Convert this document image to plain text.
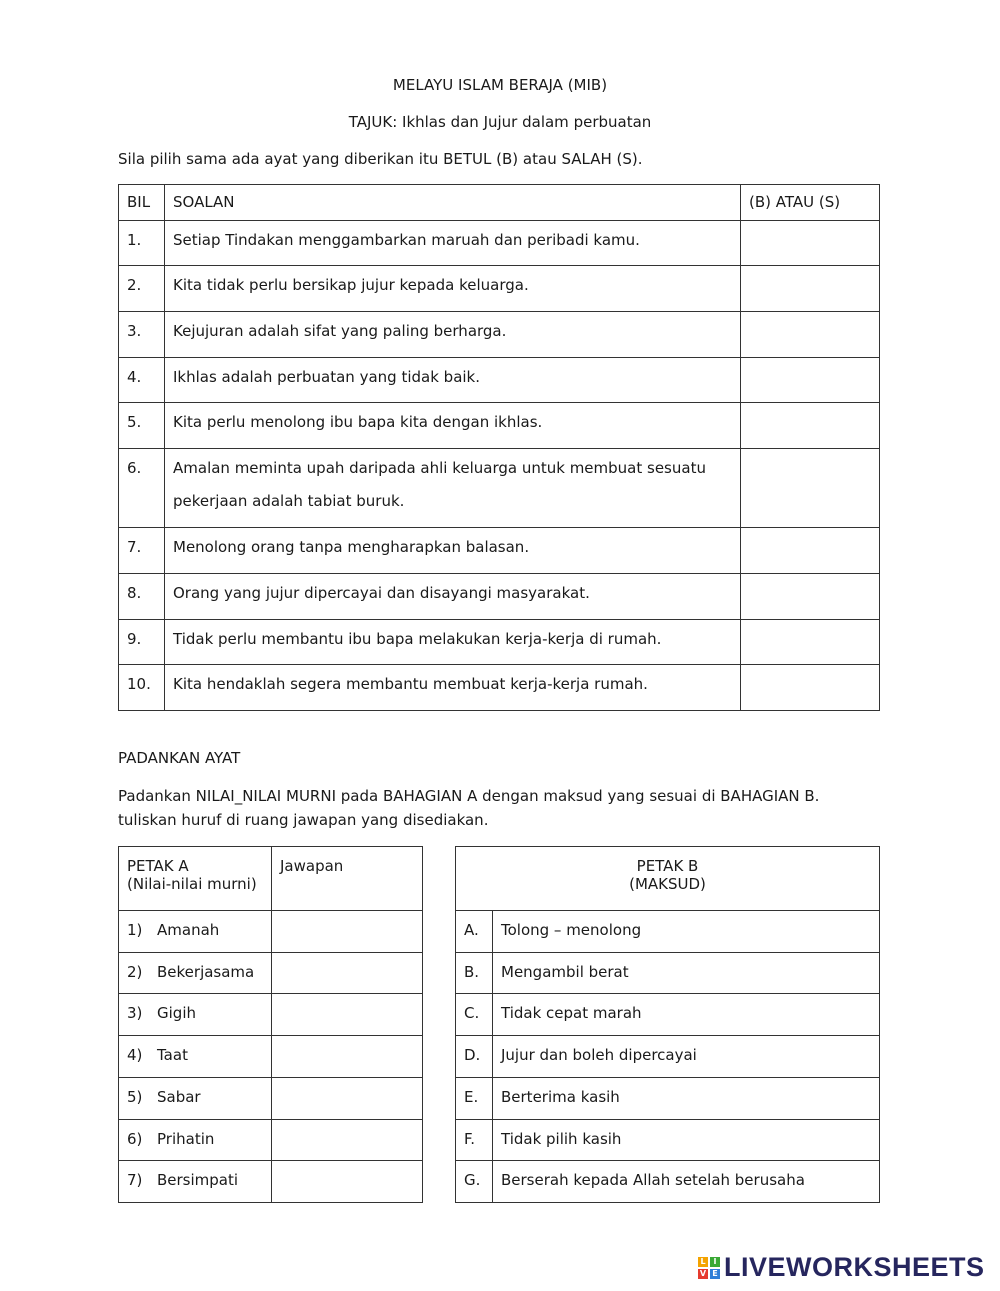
MELAYU ISLAM BERAJA (MIB)
TAJUK: Ikhlas dan Jujur dalam perbuatan
Sila pilih sama ada ayat yang diberikan itu BETUL (B) atau SALAH (S).
BIL	SOALAN	(B) ATAU (S)
1.	Setiap Tindakan menggambarkan maruah dan peribadi kamu.	
2.	Kita tidak perlu bersikap jujur kepada keluarga.	
3.	Kejujuran adalah sifat yang paling berharga.	
4.	Ikhlas adalah perbuatan yang tidak baik.	
5.	Kita perlu menolong ibu bapa kita dengan ikhlas.	
6.	Amalan meminta upah daripada ahli keluarga untuk membuat sesuatu
pekerjaan adalah tabiat buruk.	

7.	Menolong orang tanpa mengharapkan balasan.	
8.	Orang yang jujur dipercayai dan disayangi masyarakat.	
9.	Tidak perlu membantu ibu bapa melakukan kerja-kerja di rumah.	
10.	Kita hendaklah segera membantu membuat kerja-kerja rumah.	
PADANKAN AYAT
Padankan NILAI_NILAI MURNI pada BAHAGIAN A dengan maksud yang sesuai di BAHAGIAN B.
tuliskan huruf di ruang jawapan yang disediakan.
PETAK A
(Nilai-nilai murni)	Jawapan
1) Amanah	
2) Bekerjasama	
3) Gigih	
4) Taat	
5) Sabar	
6) Prihatin	
7) Bersimpati	
PETAK B
(MAKSUD)	

A.	Tolong – menolong
B.	Mengambil berat
C.	Tidak cepat marah
D.	Jujur dan boleh dipercayai
E.	Berterima kasih
F.	Tidak pilih kasih
G.	Berserah kepada Allah setelah berusaha
L I
V E LIVEWORKSHEETS
